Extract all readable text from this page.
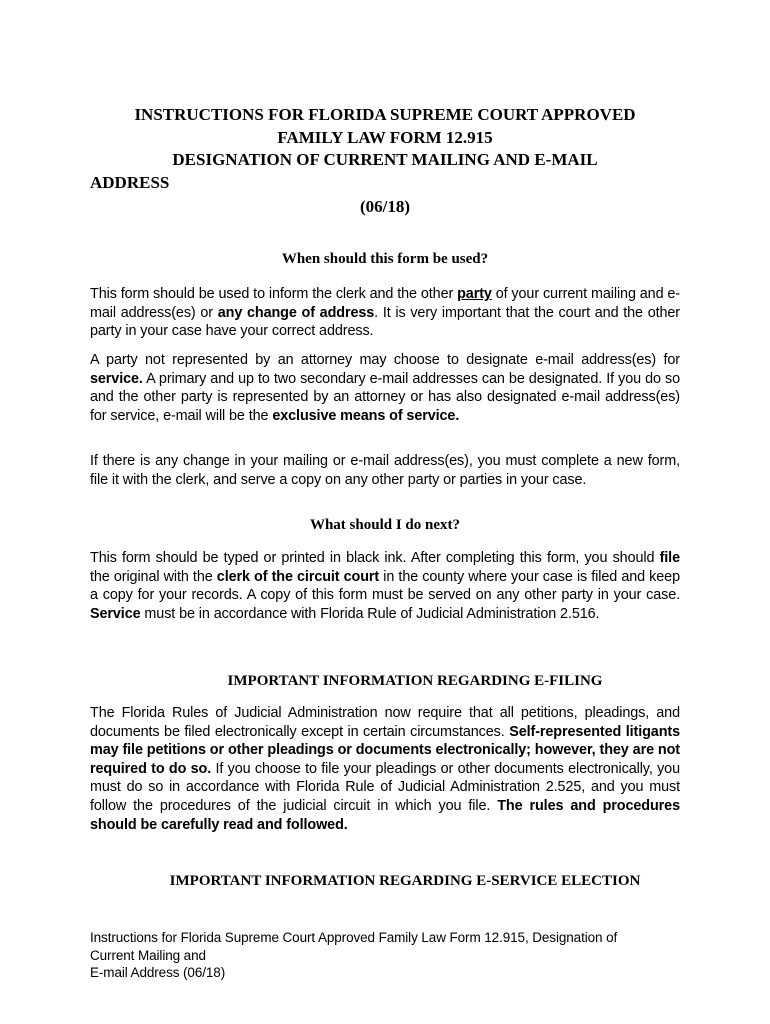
INSTRUCTIONS FOR FLORIDA SUPREME COURT APPROVED
FAMILY LAW FORM 12.915
DESIGNATION OF CURRENT MAILING AND E-MAIL
ADDRESS
(06/18)
When should this form be used?

This form should be used to inform the clerk and the other party of your current mailing and e-mail address(es) or any change of address. It is very important that the court and the other party in your case have your correct address.

A party not represented by an attorney may choose to designate e-mail address(es) for service. A primary and up to two secondary e-mail addresses can be designated. If you do so and the other party is represented by an attorney or has also designated e-mail address(es) for service, e-mail will be the exclusive means of service.

If there is any change in your mailing or e-mail address(es), you must complete a new form, file it with the clerk, and serve a copy on any other party or parties in your case.

What should I do next?

This form should be typed or printed in black ink. After completing this form, you should file the original with the clerk of the circuit court in the county where your case is filed and keep a copy for your records. A copy of this form must be served on any other party in your case. Service must be in accordance with Florida Rule of Judicial Administration 2.516.

IMPORTANT INFORMATION REGARDING E-FILING

The Florida Rules of Judicial Administration now require that all petitions, pleadings, and documents be filed electronically except in certain circumstances. Self-represented litigants may file petitions or other pleadings or documents electronically; however, they are not required to do so. If you choose to file your pleadings or other documents electronically, you must do so in accordance with Florida Rule of Judicial Administration 2.525, and you must follow the procedures of the judicial circuit in which you file. The rules and procedures should be carefully read and followed.

IMPORTANT INFORMATION REGARDING E-SERVICE ELECTION
Instructions for Florida Supreme Court Approved Family Law Form 12.915, Designation of
Current Mailing and
E-mail Address (06/18)
